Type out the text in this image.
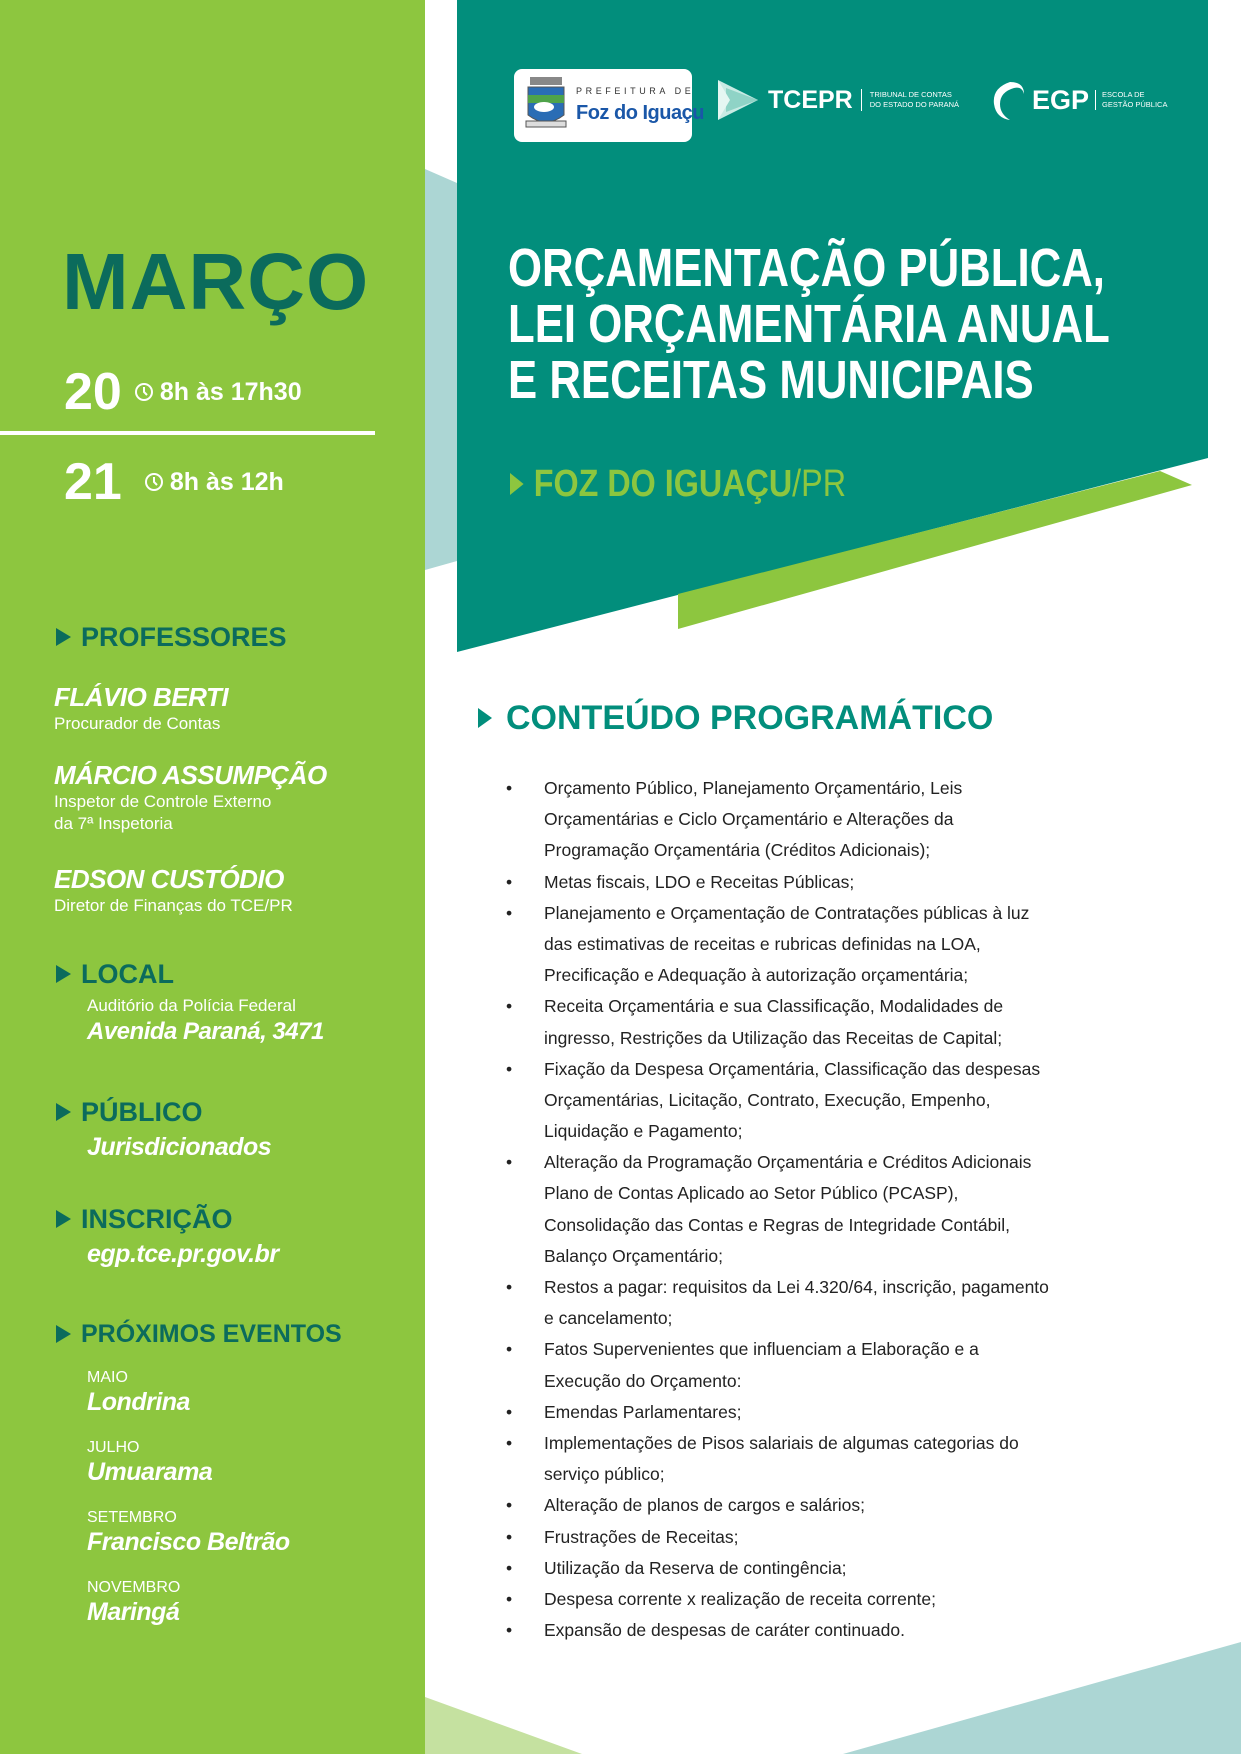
PREFEITURA DE
Foz do Iguaçu	TCEPR TRIBUNAL DE CONTAS
DO ESTADO DO PARANÁ	EGP ESCOLA DE
GESTÃO PÚBLICA
MARÇO
20 8h às 17h30
21 8h às 12h
PROFESSORES
FLÁVIO BERTI
Procurador de Contas
MÁRCIO ASSUMPÇÃO
Inspetor de Controle Externo
da 7ª Inspetoria
EDSON CUSTÓDIO
Diretor de Finanças do TCE/PR
LOCAL
Auditório da Polícia Federal
Avenida Paraná, 3471
PÚBLICO
Jurisdicionados
INSCRIÇÃO
egp.tce.pr.gov.br
PRÓXIMOS EVENTOS
MAIO
Londrina
JULHO
Umuarama
SETEMBRO
Francisco Beltrão
NOVEMBRO
Maringá
ORÇAMENTAÇÃO PÚBLICA,
LEI ORÇAMENTÁRIA ANUAL
E RECEITAS MUNICIPAIS
FOZ DO IGUAÇU/PR
CONTEÚDO PROGRAMÁTICO
• Orçamento Público, Planejamento Orçamentário, Leis
Orçamentárias e Ciclo Orçamentário e Alterações da
Programação Orçamentária (Créditos Adicionais);
• Metas fiscais, LDO e Receitas Públicas;
• Planejamento e Orçamentação de Contratações públicas à luz
das estimativas de receitas e rubricas definidas na LOA,
Precificação e Adequação à autorização orçamentária;
• Receita Orçamentária e sua Classificação, Modalidades de
ingresso, Restrições da Utilização das Receitas de Capital;
• Fixação da Despesa Orçamentária, Classificação das despesas
Orçamentárias, Licitação, Contrato, Execução, Empenho,
Liquidação e Pagamento;
• Alteração da Programação Orçamentária e Créditos Adicionais
Plano de Contas Aplicado ao Setor Público (PCASP),
Consolidação das Contas e Regras de Integridade Contábil,
Balanço Orçamentário;
• Restos a pagar: requisitos da Lei 4.320/64, inscrição, pagamento
e cancelamento;
• Fatos Supervenientes que influenciam a Elaboração e a
Execução do Orçamento:
• Emendas Parlamentares;
• Implementações de Pisos salariais de algumas categorias do
serviço público;
• Alteração de planos de cargos e salários;
• Frustrações de Receitas;
• Utilização da Reserva de contingência;
• Despesa corrente x realização de receita corrente;
• Expansão de despesas de caráter continuado.
